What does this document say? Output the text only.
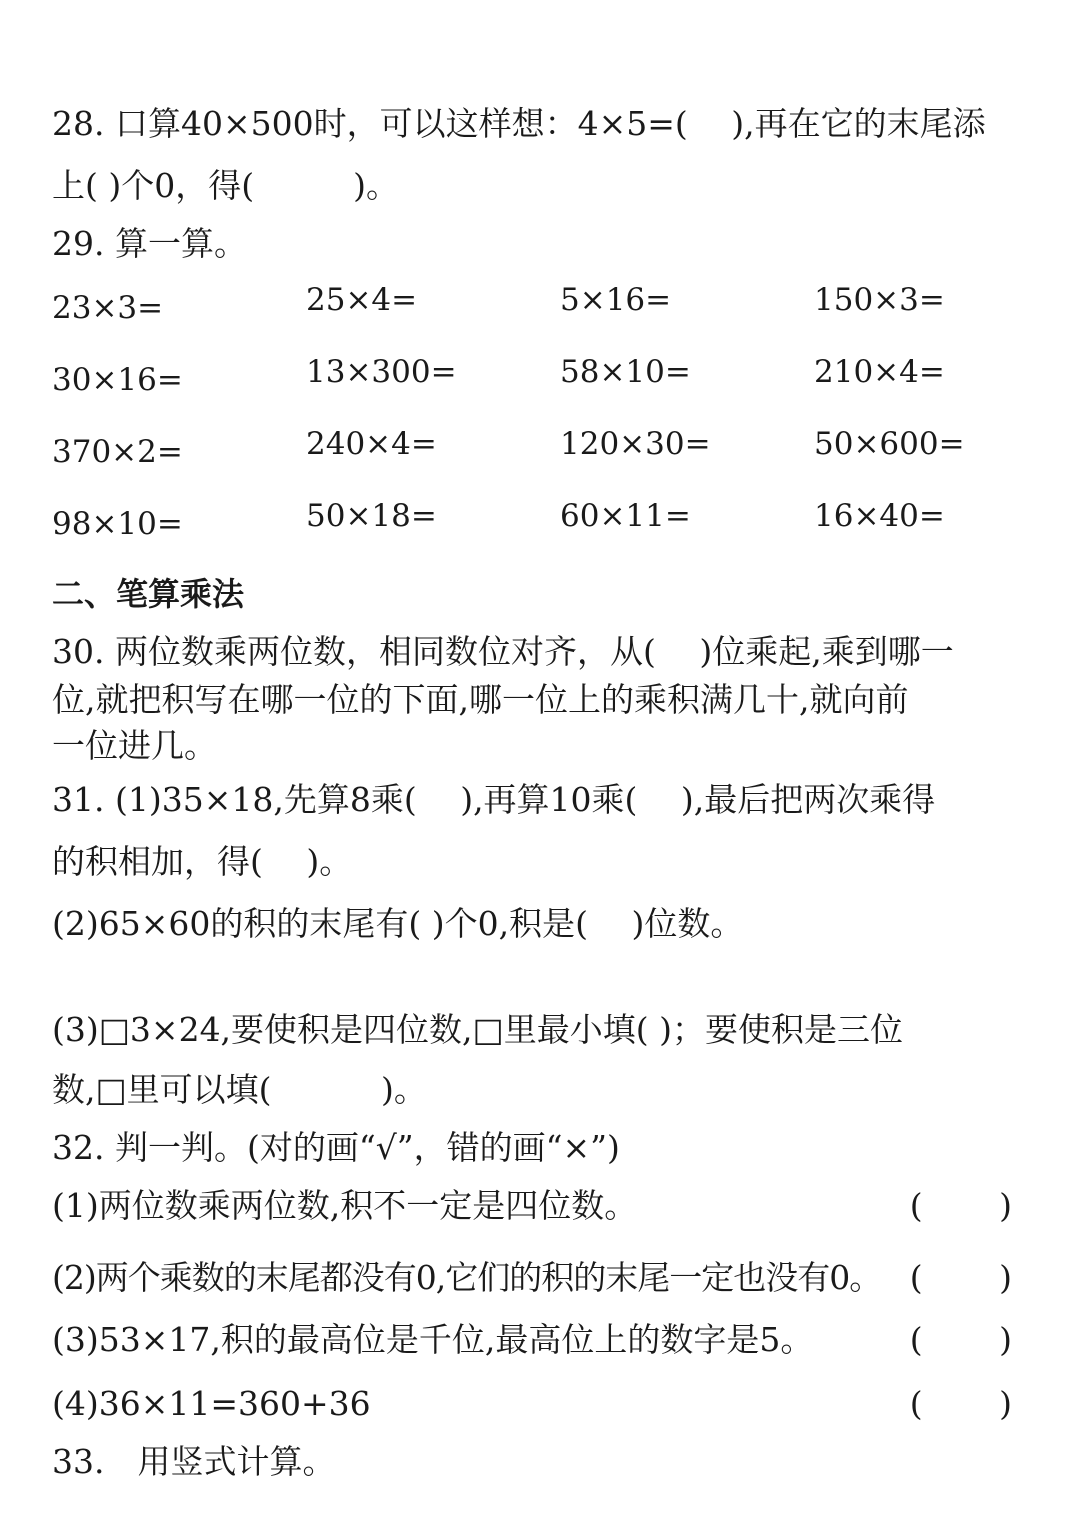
28. 口算40×500时，可以这样想：4×5=(　 ),再在它的末尾添
上( )个0，得(　　　)。
29. 算一算。
23×3=	25×4=	5×16=	150×3=
30×16=	13×300=	58×10=	210×4=
370×2=	240×4=	120×30=	50×600=
98×10=	50×18=	60×11=	16×40=
二、笔算乘法
30. 两位数乘两位数，相同数位对齐，从(　 )位乘起,乘到哪一
位,就把积写在哪一位的下面,哪一位上的乘积满几十,就向前
一位进几。
31. (1)35×18,先算8乘(　 ),再算10乘(　 ),最后把两次乘得
的积相加，得(　 )。
(2)65×60的积的末尾有( )个0,积是(　 )位数。
(3)□3×24,要使积是四位数,□里最小填( )；要使积是三位
数,□里可以填(　　　 )。
32. 判一判。(对的画“√”，错的画“×”)
(1)两位数乘两位数,积不一定是四位数。	(　　 )
(2)两个乘数的末尾都没有0,它们的积的末尾一定也没有0。 (　　 )
(3)53×17,积的最高位是千位,最高位上的数字是5。	(　　 )
(4)36×11=360+36	(　　 )
33.　用竖式计算。
